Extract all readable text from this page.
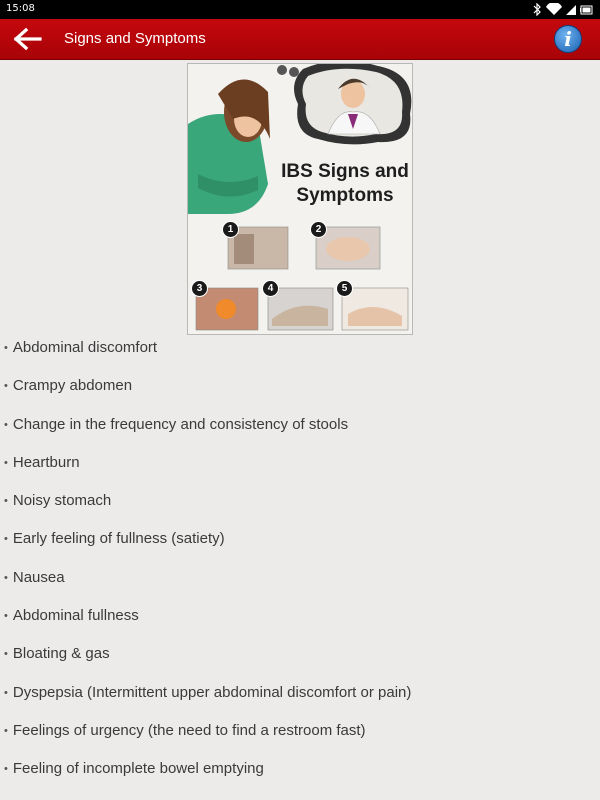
15:08
Signs and Symptoms	i
IBS Signs and
Symptoms
1	2
3	4	5
• Abdominal discomfort
• Crampy abdomen
• Change in the frequency and consistency of stools
• Heartburn
• Noisy stomach
• Early feeling of fullness (satiety)
• Nausea
• Abdominal fullness
• Bloating & gas
• Dyspepsia (Intermittent upper abdominal discomfort or pain)
• Feelings of urgency (the need to find a restroom fast)
• Feeling of incomplete bowel emptying
